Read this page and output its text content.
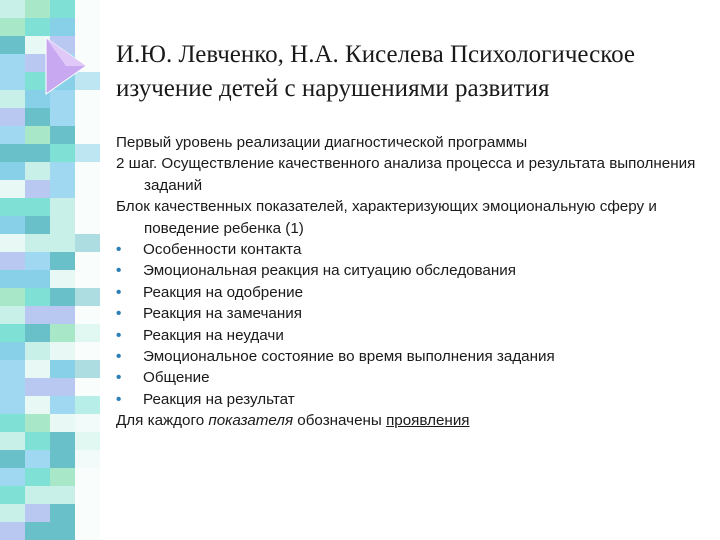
И.Ю. Левченко, Н.А. Киселева Психологическое изучение детей с нарушениями развития

Первый уровень реализации диагностической программы

2 шаг. Осуществление качественного анализа процесса и результата выполнения заданий

Блок качественных показателей, характеризующих эмоциональную сферу и поведение ребенка (1)

•	Особенности контакта
•	Эмоциональная реакция на ситуацию обследования
•	Реакция на одобрение
•	Реакция на замечания
•	Реакция на неудачи
•	Эмоциональное состояние во время выполнения задания
•	Общение
•	Реакция на результат

Для каждого показателя обозначены проявления
